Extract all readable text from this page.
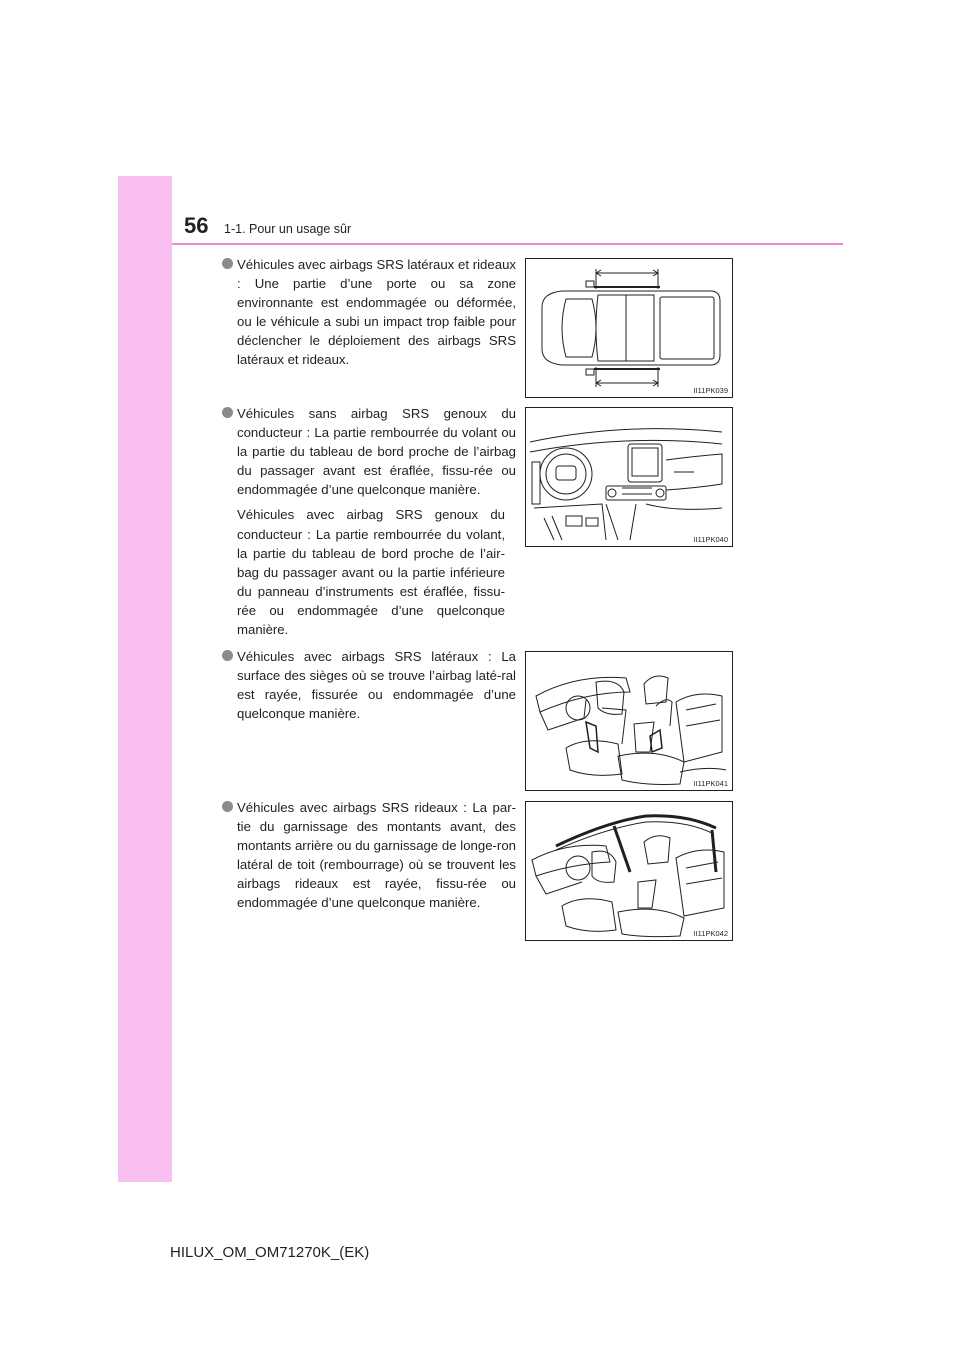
56 1-1. Pour un usage sûr

Véhicules avec airbags SRS latéraux et rideaux : Une partie d’une porte ou sa zone environnante est endommagée ou déformée, ou le véhicule a subi un impact trop faible pour déclencher le déploiement des airbags SRS latéraux et rideaux.

II11PK039

Véhicules sans airbag SRS genoux du conducteur : La partie rembourrée du volant ou la partie du tableau de bord proche de l’airbag du passager avant est éraflée, fissu-rée ou endommagée d’une quelconque manière.

Véhicules avec airbag SRS genoux du conducteur : La partie rembourrée du volant, la partie du tableau de bord proche de l’air-bag du passager avant ou la partie inférieure du panneau d’instruments est éraflée, fissu-rée ou endommagée d’une quelconque manière.

II11PK040

Véhicules avec airbags SRS latéraux : La surface des sièges où se trouve l’airbag laté-ral est rayée, fissurée ou endommagée d’une quelconque manière.

II11PK041

Véhicules avec airbags SRS rideaux : La par-tie du garnissage des montants avant, des montants arrière ou du garnissage de longe-ron latéral de toit (rembourrage) où se trouvent les airbags rideaux est rayée, fissu-rée ou endommagée d’une quelconque manière.

II11PK042
HILUX_OM_OM71270K_(EK)
